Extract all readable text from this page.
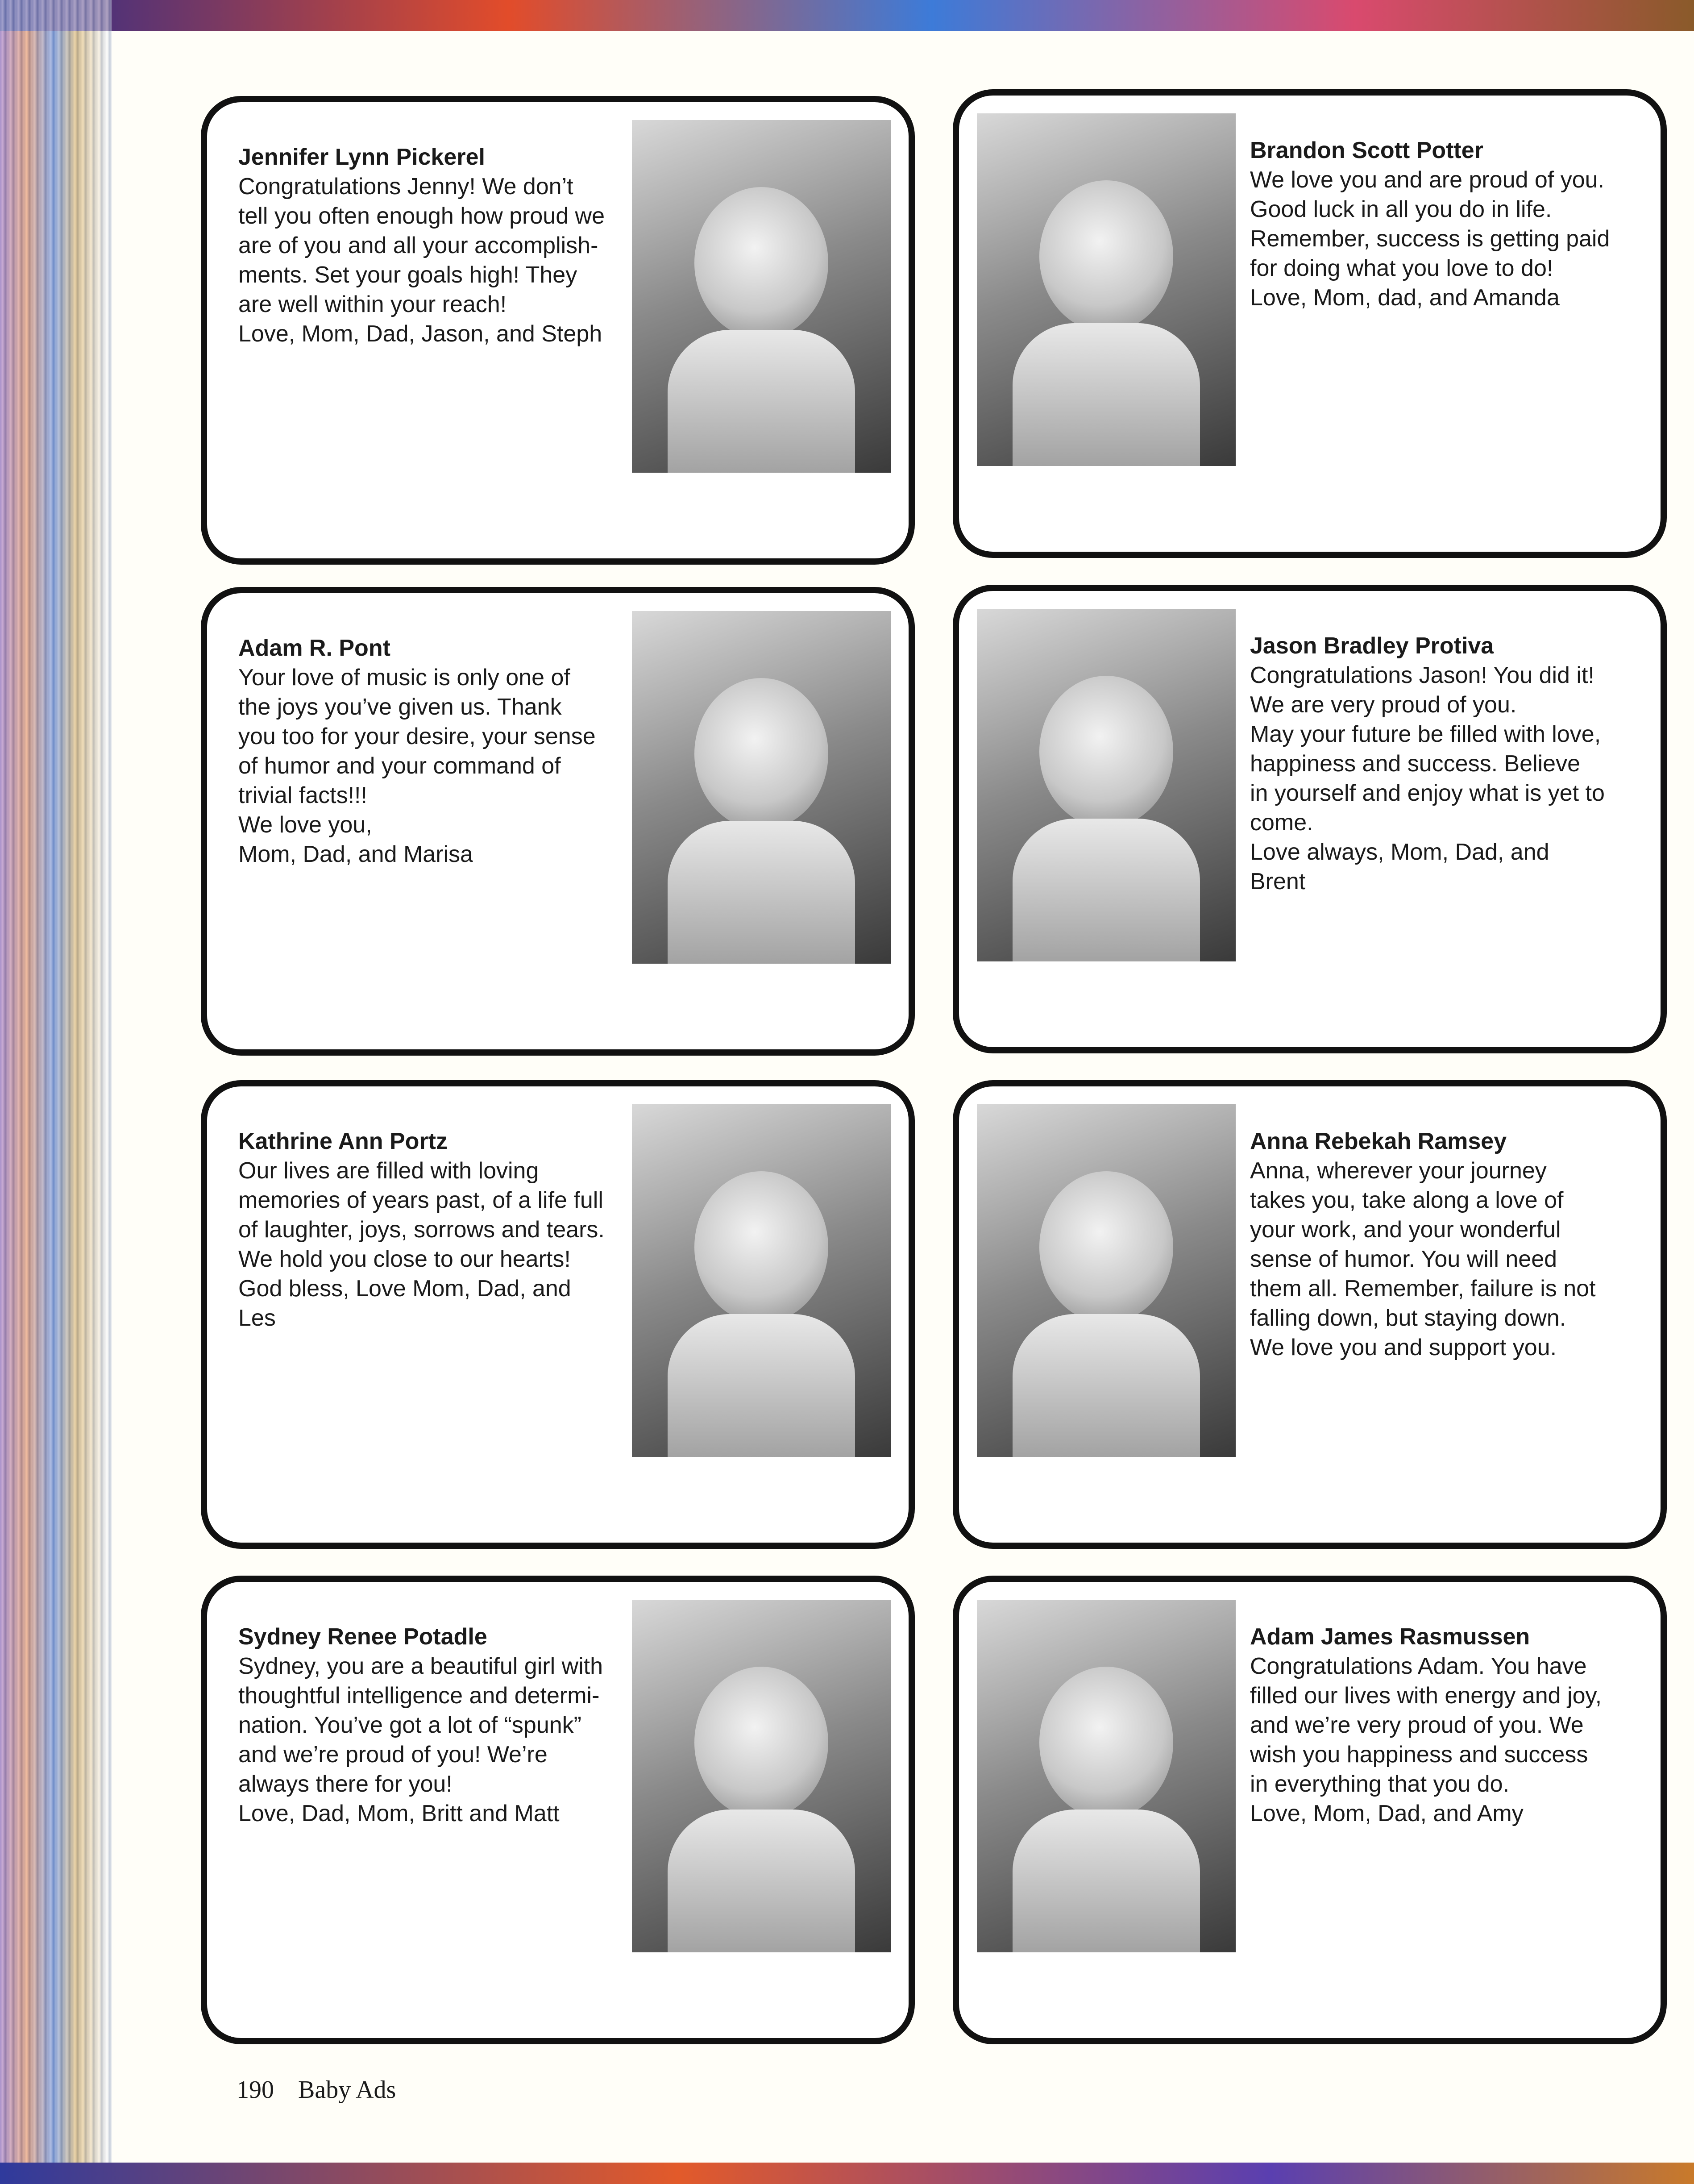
Jennifer Lynn Pickerel
Congratulations Jenny! We don’t
tell you often enough how proud we
are of you and all your accomplish-
ments. Set your goals high! They
are well within your reach!
Love, Mom, Dad, Jason, and Steph
Brandon Scott Potter
We love you and are proud of you.
Good luck in all you do in life.
Remember, success is getting paid
for doing what you love to do!
Love, Mom, dad, and Amanda
Adam R. Pont
Your love of music is only one of
the joys you’ve given us. Thank
you too for your desire, your sense
of humor and your command of
trivial facts!!!
We love you,
Mom, Dad, and Marisa
Jason Bradley Protiva
Congratulations Jason! You did it!
We are very proud of you.
May your future be filled with love,
happiness and success. Believe
in yourself and enjoy what is yet to
come.
Love always, Mom, Dad, and
Brent
Kathrine Ann Portz
Our lives are filled with loving
memories of years past, of a life full
of laughter, joys, sorrows and tears.
We hold you close to our hearts!
God bless, Love Mom, Dad, and
Les
Anna Rebekah Ramsey
Anna, wherever your journey
takes you, take along a love of
your work, and your wonderful
sense of humor. You will need
them all. Remember, failure is not
falling down, but staying down.
We love you and support you.
Sydney Renee Potadle
Sydney, you are a beautiful girl with
thoughtful intelligence and determi-
nation. You’ve got a lot of “spunk”
and we’re proud of you! We’re
always there for you!
Love, Dad, Mom, Britt and Matt
Adam James Rasmussen
Congratulations Adam. You have
filled our lives with energy and joy,
and we’re very proud of you. We
wish you happiness and success
in everything that you do.
Love, Mom, Dad, and Amy
190 Baby Ads
